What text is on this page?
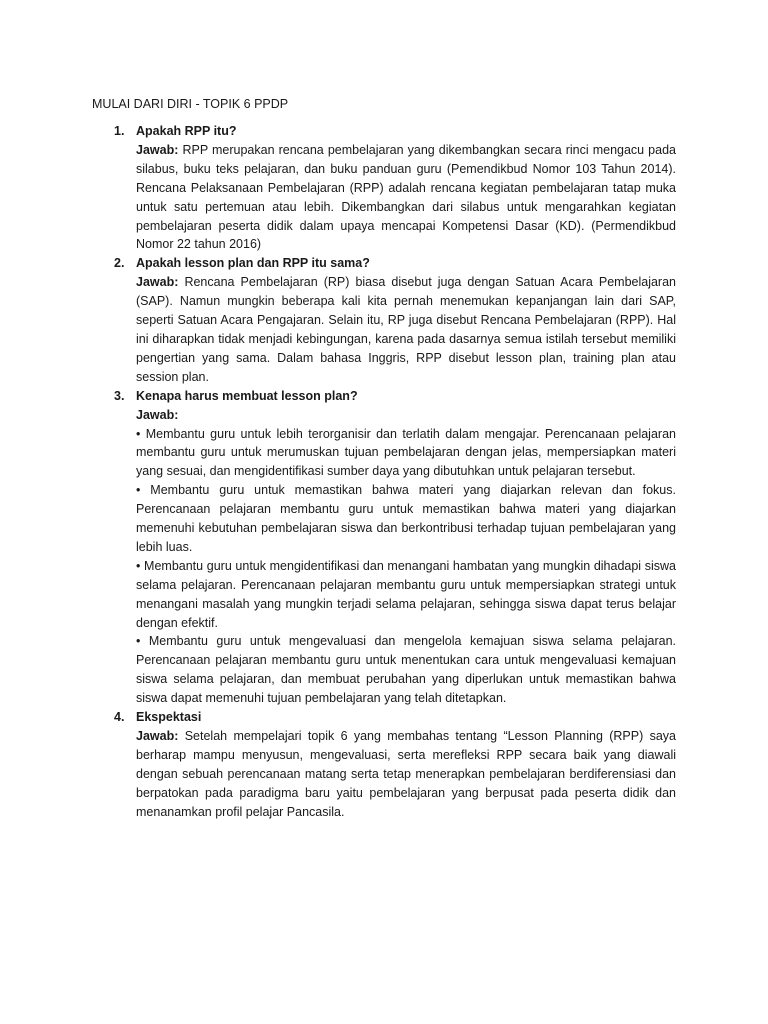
MULAI DARI DIRI - TOPIK 6 PPDP
1. Apakah RPP itu?
Jawab: RPP merupakan rencana pembelajaran yang dikembangkan secara rinci mengacu pada silabus, buku teks pelajaran, dan buku panduan guru (Pemendikbud Nomor 103 Tahun 2014). Rencana Pelaksanaan Pembelajaran (RPP) adalah rencana kegiatan pembelajaran tatap muka untuk satu pertemuan atau lebih. Dikembangkan dari silabus untuk mengarahkan kegiatan pembelajaran peserta didik dalam upaya mencapai Kompetensi Dasar (KD). (Permendikbud Nomor 22 tahun 2016)
2. Apakah lesson plan dan RPP itu sama?
Jawab: Rencana Pembelajaran (RP) biasa disebut juga dengan Satuan Acara Pembelajaran (SAP). Namun mungkin beberapa kali kita pernah menemukan kepanjangan lain dari SAP, seperti Satuan Acara Pengajaran. Selain itu, RP juga disebut Rencana Pembelajaran (RPP). Hal ini diharapkan tidak menjadi kebingungan, karena pada dasarnya semua istilah tersebut memiliki pengertian yang sama. Dalam bahasa Inggris, RPP disebut lesson plan, training plan atau session plan.
3. Kenapa harus membuat lesson plan?
Jawab:
• Membantu guru untuk lebih terorganisir dan terlatih dalam mengajar. Perencanaan pelajaran membantu guru untuk merumuskan tujuan pembelajaran dengan jelas, mempersiapkan materi yang sesuai, dan mengidentifikasi sumber daya yang dibutuhkan untuk pelajaran tersebut.
• Membantu guru untuk memastikan bahwa materi yang diajarkan relevan dan fokus. Perencanaan pelajaran membantu guru untuk memastikan bahwa materi yang diajarkan memenuhi kebutuhan pembelajaran siswa dan berkontribusi terhadap tujuan pembelajaran yang lebih luas.
• Membantu guru untuk mengidentifikasi dan menangani hambatan yang mungkin dihadapi siswa selama pelajaran. Perencanaan pelajaran membantu guru untuk mempersiapkan strategi untuk menangani masalah yang mungkin terjadi selama pelajaran, sehingga siswa dapat terus belajar dengan efektif.
• Membantu guru untuk mengevaluasi dan mengelola kemajuan siswa selama pelajaran. Perencanaan pelajaran membantu guru untuk menentukan cara untuk mengevaluasi kemajuan siswa selama pelajaran, dan membuat perubahan yang diperlukan untuk memastikan bahwa siswa dapat memenuhi tujuan pembelajaran yang telah ditetapkan.
4. Ekspektasi
Jawab: Setelah mempelajari topik 6 yang membahas tentang “Lesson Planning (RPP) saya berharap mampu menyusun, mengevaluasi, serta merefleksi RPP secara baik yang diawali dengan sebuah perencanaan matang serta tetap menerapkan pembelajaran berdiferensiasi dan berpatokan pada paradigma baru yaitu pembelajaran yang berpusat pada peserta didik dan menanamkan profil pelajar Pancasila.
